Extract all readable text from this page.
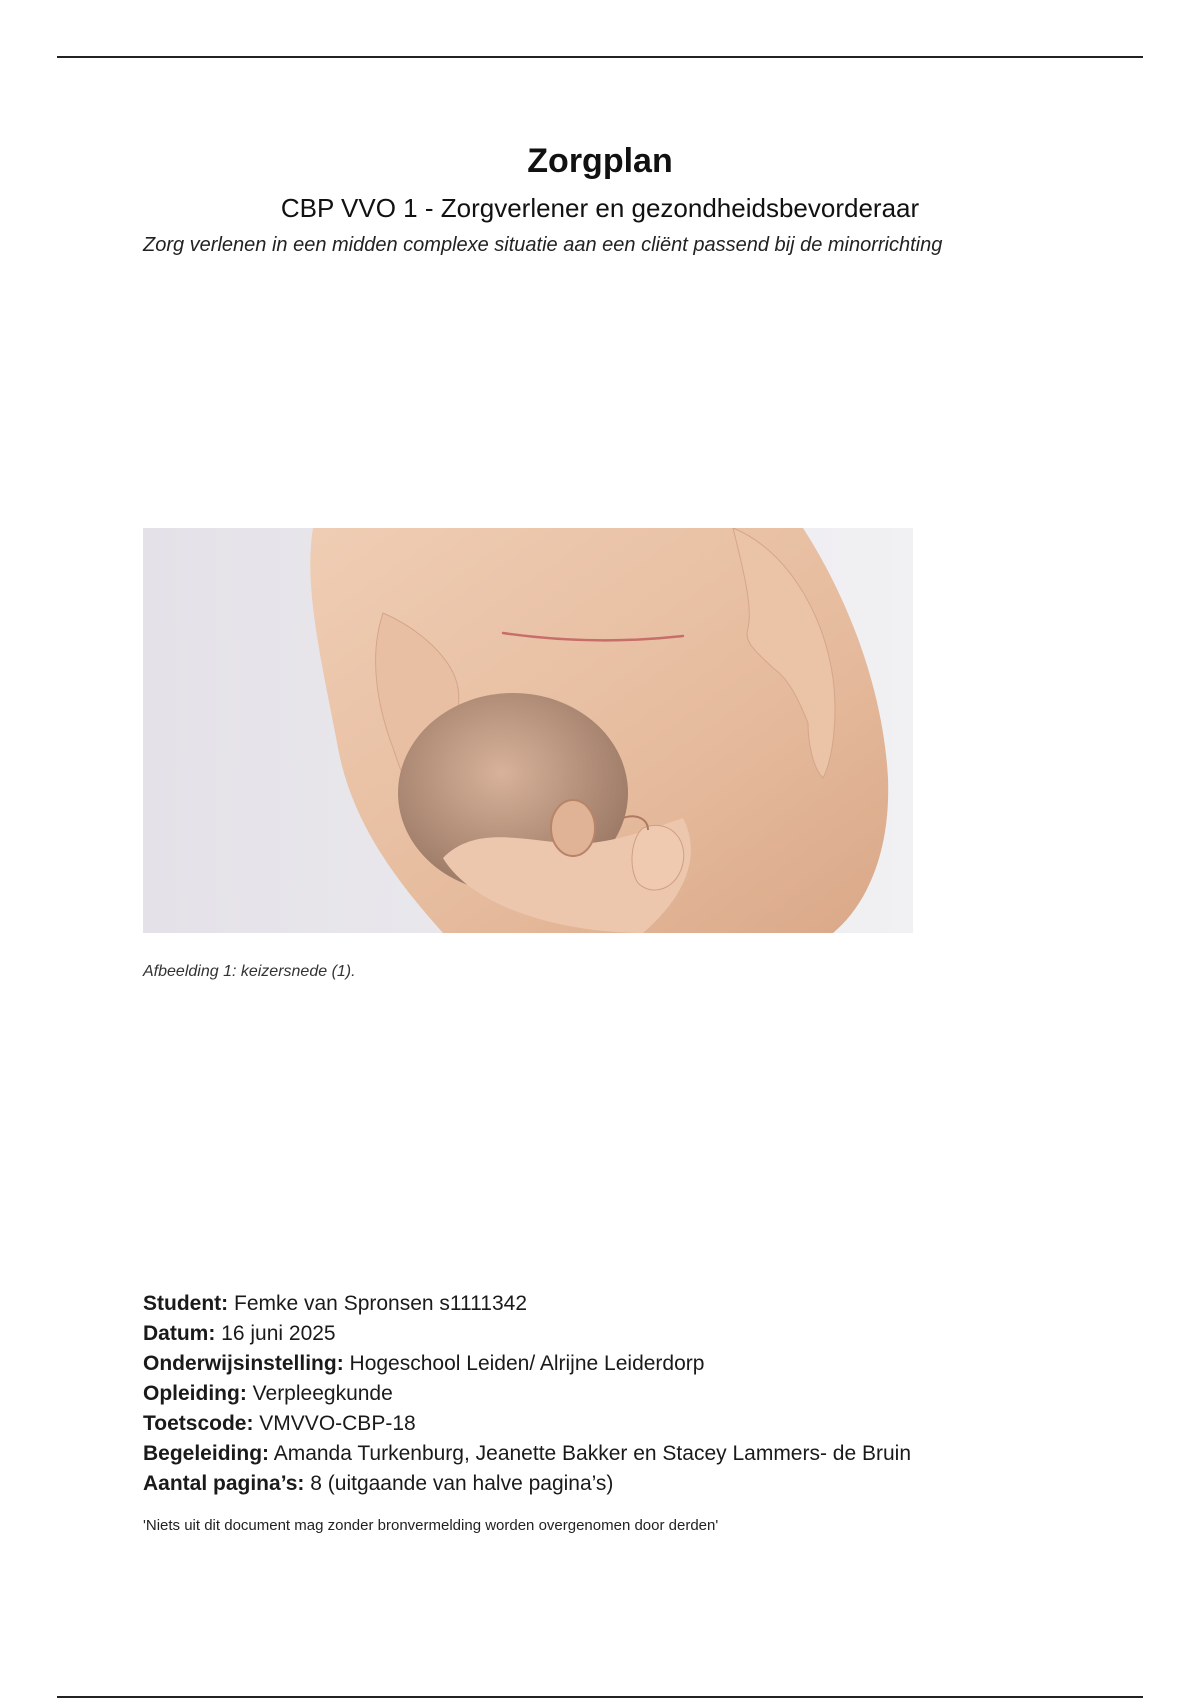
Zorgplan
CBP VVO 1 - Zorgverlener en gezondheidsbevorderaar
Zorg verlenen in een midden complexe situatie aan een cliënt passend bij de minorrichting
Afbeelding 1: keizersnede (1).
Student: Femke van Spronsen s1111342
Datum: 16 juni 2025
Onderwijsinstelling: Hogeschool Leiden/ Alrijne Leiderdorp
Opleiding: Verpleegkunde
Toetscode: VMVVO-CBP-18
Begeleiding: Amanda Turkenburg, Jeanette Bakker en Stacey Lammers- de Bruin
Aantal pagina’s: 8 (uitgaande van halve pagina’s)
'Niets uit dit document mag zonder bronvermelding worden overgenomen door derden'
